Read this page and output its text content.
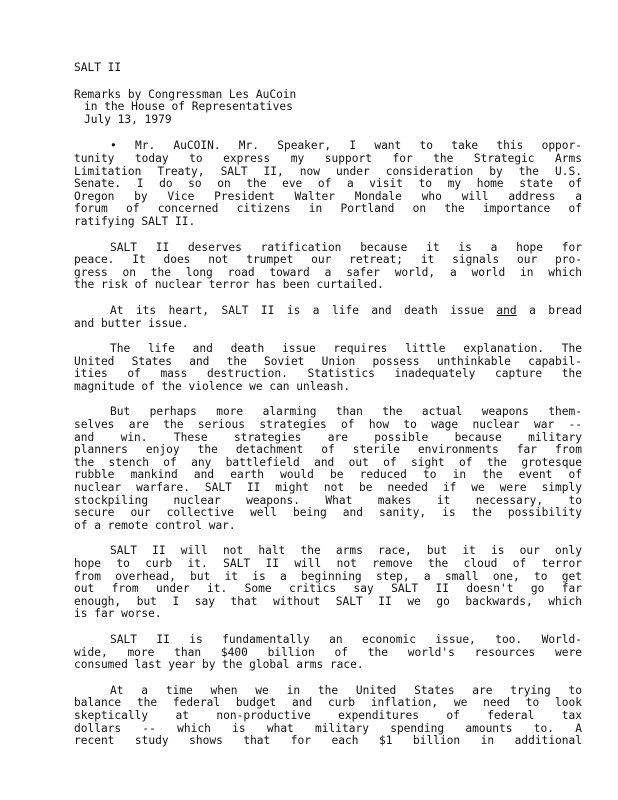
SALT II
Remarks by Congressman Les AuCoin
in the House of Representatives
July 13, 1979
• Mr. AuCOIN. Mr. Speaker, I want to take this oppor-
tunity today to express my support for the Strategic Arms
Limitation Treaty, SALT II, now under consideration by the U.S.
Senate. I do so on the eve of a visit to my home state of
Oregon by Vice President Walter Mondale who will address a
forum of concerned citizens in Portland on the importance of
ratifying SALT II.
SALT II deserves ratification because it is a hope for
peace. It does not trumpet our retreat; it signals our pro-
gress on the long road toward a safer world, a world in which
the risk of nuclear terror has been curtailed.
At its heart, SALT II is a life and death issue and a bread
and butter issue.
The life and death issue requires little explanation. The
United States and the Soviet Union possess unthinkable capabil-
ities of mass destruction. Statistics inadequately capture the
magnitude of the violence we can unleash.
But perhaps more alarming than the actual weapons them-
selves are the serious strategies of how to wage nuclear war --
and win. These strategies are possible because military
planners enjoy the detachment of sterile environments far from
the stench of any battlefield and out of sight of the grotesque
rubble mankind and earth would be reduced to in the event of
nuclear warfare. SALT II might not be needed if we were simply
stockpiling nuclear weapons. What makes it necessary, to
secure our collective well being and sanity, is the possibility
of a remote control war.
SALT II will not halt the arms race, but it is our only
hope to curb it. SALT II will not remove the cloud of terror
from overhead, but it is a beginning step, a small one, to get
out from under it. Some critics say SALT II doesn't go far
enough, but I say that without SALT II we go backwards, which
is far worse.
SALT II is fundamentally an economic issue, too. World-
wide, more than $400 billion of the world's resources were
consumed last year by the global arms race.
At a time when we in the United States are trying to
balance the federal budget and curb inflation, we need to look
skeptically at non-productive expenditures of federal tax
dollars -- which is what military spending amounts to. A
recent study shows that for each $1 billion in additional
